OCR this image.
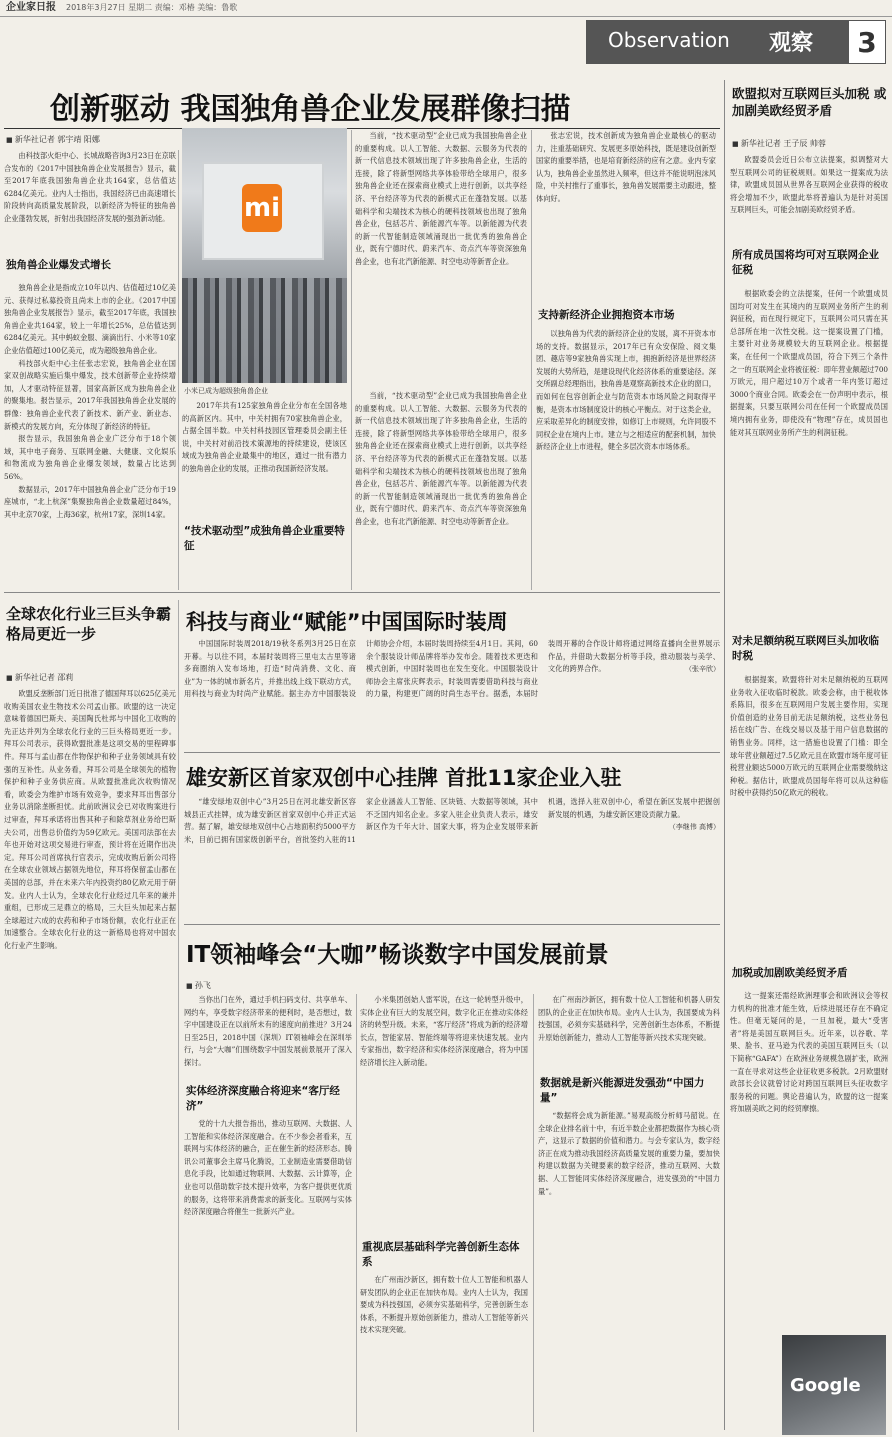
企业家日报 2018年3月27日 星期二 责编：邓椿 美编：鲁歌
Observation 观察	3
创新驱动 我国独角兽企业发展群像扫描
■ 新华社记者 郭宇靖 阳娜

由科技部火炬中心、长城战略咨询3月23日在京联合发布的《2017中国独角兽企业发展报告》显示，截至2017年底我国独角兽企业共164家，总估值达6284亿美元。业内人士指出，我国经济已由高速增长阶段转向高质量发展阶段，以新经济为特征的独角兽企业蓬勃发展，折射出我国经济发展的强劲新动能。

独角兽企业爆发式增长

独角兽企业是指成立10年以内、估值超过10亿美元、获得过私募投资且尚未上市的企业。《2017中国独角兽企业发展报告》显示，截至2017年底，我国独角兽企业共164家，较上一年增长25%，总估值达到6284亿美元。其中蚂蚁金服、滴滴出行、小米等10家企业估值超过100亿美元，成为超级独角兽企业。

科技部火炬中心主任张志宏说，独角兽企业在国家双创战略实施后集中爆发，技术创新带企业持续增加，人才驱动特征显著，国家高新区成为独角兽企业的聚集地。报告显示，2017年我国独角兽企业发展的群像：独角兽企业代表了新技术、新产业、新业态、新模式的发展方向，充分体现了新经济的特征。

报告显示，我国独角兽企业广泛分布于18个领域，其中电子商务、互联网金融、大健康、文化娱乐和物流成为独角兽企业爆发领域，数量占比达到56%。

数据显示，2017年中国独角兽企业广泛分布于19座城市，“北上杭深”集聚独角兽企业数量超过84%，其中北京70家，上海36家，杭州17家，深圳14家。

mi
小米已成为超级独角兽企业

2017年共有125家独角兽企业分布在全国各地的高新区内。其中，中关村拥有70家独角兽企业，占据全国半数。中关村科技园区管理委员会副主任说，中关村对前沿技术策源地的持续建设，使该区域成为独角兽企业最集中的地区，通过一批有潜力的独角兽企业的发展，正推动我国新经济发展。

“技术驱动型”成独角兽企业重要特征

当前，“技术驱动型”企业已成为我国独角兽企业的重要构成。以人工智能、大数据、云服务为代表的新一代信息技术领域出现了许多独角兽企业，生活的连接，除了将新型网络共享体验带给全球用户，很多独角兽企业还在探索商业模式上进行创新，以共享经济、平台经济等为代表的新模式正在蓬勃发展。以基础科学和尖端技术为核心的硬科技领域也出现了独角兽企业，包括芯片、新能源汽车等。以新能源为代表的新一代智能制造领域涌现出一批优秀的独角兽企业，既有宁德时代、蔚来汽车、奇点汽车等资深独角兽企业，也有北汽新能源、时空电动等新晋企业。

当前，“技术驱动型”企业已成为我国独角兽企业的重要构成。以人工智能、大数据、云服务为代表的新一代信息技术领域出现了许多独角兽企业，生活的连接，除了将新型网络共享体验带给全球用户，很多独角兽企业还在探索商业模式上进行创新，以共享经济、平台经济等为代表的新模式正在蓬勃发展。以基础科学和尖端技术为核心的硬科技领域也出现了独角兽企业，包括芯片、新能源汽车等。以新能源为代表的新一代智能制造领域涌现出一批优秀的独角兽企业，既有宁德时代、蔚来汽车、奇点汽车等资深独角兽企业，也有北汽新能源、时空电动等新晋企业。

张志宏说，技术创新成为独角兽企业最核心的驱动力，注重基础研究、发展更多原始科技，既是建设创新型国家的重要举措，也是培育新经济的应有之意。业内专家认为，独角兽企业虽然进入频率，但这并不能说明泡沫风险，中关村推行了重事长，独角兽发展需要主动跟进，整体向好。

支持新经济企业拥抱资本市场

以独角兽为代表的新经济企业的发展，离不开资本市场的支持。数据显示，2017年已有众安保险、阅文集团、趣店等9家独角兽实现上市，拥抱新经济是世界经济发展的大势所趋，是建设现代化经济体系的重要途径。深交所副总经理指出，独角兽是观察高新技术企业的窗口，而如何在包容创新企业与防范资本市场风险之间取得平衡，是资本市场制度设计的核心平衡点。对于这类企业，应采取差异化的制度安排，如修订上市规则，允许同股不同权企业在境内上市。建立与之相适应的配套机制，加快新经济企业上市进程，健全多层次资本市场体系。

全球农化行业三巨头争霸格局更近一步
■ 新华社记者 邵莉

欧盟反垄断部门近日批准了德国拜耳以625亿美元收购美国农业生物技术公司孟山都。欧盟的这一决定意味着德国巴斯夫、美国陶氏杜邦与中国化工收购的先正达并列为全球农化行业的三巨头格局更近一步。拜耳公司表示，获得欧盟批准是这项交易的里程碑事件。拜耳与孟山都在作物保护和种子业务领域具有较强的互补性。从业务看，拜耳公司是全球领先的植物保护和种子业务供应商。从欧盟批准此次收购情况看，欧委会为维护市场有效竞争，要求拜耳出售部分业务以消除垄断担忧。此前欧洲议会已对收购案进行过审查，拜耳承诺将出售其种子和除草剂业务给巴斯夫公司，出售总价值约为59亿欧元。美国司法部在去年也开始对这项交易进行审查，预计将在近期作出决定。拜耳公司首席执行官表示，完成收购后新公司将在全球农业领域占据领先地位，拜耳将保留孟山都在美国的总部，并在未来六年内投资约80亿欧元用于研发。业内人士认为，全球农化行业经过几年来的兼并重组，已形成三足鼎立的格局，三大巨头加起来占据全球超过六成的农药和种子市场份额，农化行业正在加速整合。全球农化行业的这一新格局也将对中国农化行业产生影响。

科技与商业“赋能”中国国际时装周

中国国际时装周2018/19秋冬系列3月25日在京开幕。与以往不同，本届时装周将三里屯太古里等诸多商圈纳入发布场地，打造“时尚消费、文化、商业”为一体的城市新名片，并推出线上线下联动方式，用科技与商业为时尚产业赋能。据主办方中国服装设计师协会介绍，本届时装周持续至4月1日。其间，60余个服装设计师品牌将举办发布会。随着技术更迭和模式创新，中国时装周也在发生变化。中国服装设计师协会主席张庆辉表示，时装周需要借助科技与商业的力量，构建更广阔的时尚生态平台。据悉，本届时装周开幕的合作设计师将通过网络直播向全世界展示作品，并借助大数据分析等手段，推动服装与美学、文化的跨界合作。	（张辛欣）

雄安新区首家双创中心挂牌 首批11家企业入驻

“雄安绿地双创中心”3月25日在河北雄安新区容城县正式挂牌，成为雄安新区首家双创中心并正式运营。据了解，雄安绿地双创中心占地面积约5000平方米，目前已拥有国家级创新平台，首批签约入驻的11家企业涵盖人工智能、区块链、大数据等领域，其中不乏国内知名企业。多家入驻企业负责人表示，雄安新区作为千年大计、国家大事，将为企业发展带来新机遇，选择入驻双创中心，希望在新区发展中把握创新发展的机遇，为雄安新区建设贡献力量。
（李继伟 高博）

IT领袖峰会“大咖”畅谈数字中国发展前景
■ 孙飞

当你出门在外，通过手机扫码支付、共享单车、网约车，享受数字经济带来的便利时，是否想过，数字中国建设正在以前所未有的速度向前推进？3月24日至25日，2018中国（深圳）IT领袖峰会在深圳举行，与会“大咖”们围绕数字中国发展前景展开了深入探讨。

实体经济深度融合将迎来“客厅经济”

党的十九大报告指出，推动互联网、大数据、人工智能和实体经济深度融合。在不少参会者看来，互联网与实体经济的融合，正在催生新的经济形态。腾讯公司董事会主席马化腾说，工业制造业需要借助信息化手段，比如通过物联网、大数据、云计算等，企业也可以借助数字技术提升效率，为客户提供更优质的服务，这将带来消费需求的新变化。互联网与实体经济深度融合将催生一批新兴产业。

小米集团创始人雷军说，在这一轮转型升级中，实体企业有巨大的发展空间，数字化正在推动实体经济的转型升级。未来，“客厅经济”将成为新的经济增长点，智能家居、智能终端等将迎来快速发展。业内专家指出，数字经济和实体经济深度融合，将为中国经济增长注入新动能。

重视底层基础科学完善创新生态体系

在广州南沙新区，拥有数十位人工智能和机器人研发团队的企业正在加快布局。业内人士认为，我国要成为科技强国，必须夯实基础科学，完善创新生态体系，不断提升原始创新能力，推动人工智能等新兴技术实现突破。

在广州南沙新区，拥有数十位人工智能和机器人研发团队的企业正在加快布局。业内人士认为，我国要成为科技强国，必须夯实基础科学，完善创新生态体系，不断提升原始创新能力，推动人工智能等新兴技术实现突破。

数据就是新兴能源进发强劲“中国力量”

“数据将会成为新能源。”易观高级分析师马韶说。在全球企业排名前十中，有近半数企业都把数据作为核心资产，这显示了数据的价值和潜力。与会专家认为，数字经济正在成为推动我国经济高质量发展的重要力量，要加快构建以数据为关键要素的数字经济，推动互联网、大数据、人工智能同实体经济深度融合，进发强劲的“中国力量”。

欧盟拟对互联网巨头加税 或加剧美欧经贸矛盾
■ 新华社记者 王子辰 帅蓉

欧盟委员会近日公布立法提案，拟调整对大型互联网公司的征税规则。如果这一提案成为法律，欧盟成员国从世界各互联网企业获得的税收将会增加不少，欧盟此举将普遍认为是针对美国互联网巨头，可能会加剧美欧经贸矛盾。

所有成员国将均可对互联网企业征税

根据欧委会的立法提案，任何一个欧盟成员国均可对发生在其境内的互联网业务所产生的利润征税，而在现行规定下，互联网公司只需在其总部所在地一次性交税。这一提案设置了门槛，主要针对业务规模较大的互联网企业。根据提案，在任何一个欧盟成员国，符合下列三个条件之一的互联网企业将被征税：即年营业额超过700万欧元，用户超过10万个或者一年内签订超过3000个商业合同。欧委会在一份声明中表示，根据提案，只要互联网公司在任何一个欧盟成员国境内拥有业务，即使没有“物理”存在，成员国也能对其互联网业务所产生的利润征税。

对未足额纳税互联网巨头加收临时税

根据提案，欧盟将针对未足额纳税的互联网业务收入征收临时税款。欧委会称，由于税收体系陈旧，很多在互联网用户发展主要作用，实现价值创造的业务目前无法足额纳税，这些业务包括在线广告、在线交易以及基于用户信息数据的销售业务。同样，这一措施也设置了门槛：即全球年营业额超过7.5亿欧元且在欧盟市场年度可征税营业额达5000万欧元的互联网企业需要缴纳这种税。据估计，欧盟成员国每年将可以从这种临时税中获得约50亿欧元的税收。

加税或加剧欧美经贸矛盾

这一提案还需经欧洲理事会和欧洲议会等权力机构的批准才能生效，后续进展还存在不确定性。但毫无疑问的是，一旦加税，最大“受害者”将是美国互联网巨头。近年来，以谷歌、苹果、脸书、亚马逊为代表的美国互联网巨头（以下简称“GAFA”）在欧洲业务规模急剧扩张，欧洲一直在寻求对这些企业征收更多税款。2月欧盟财政部长会议就曾讨论对跨国互联网巨头征收数字服务税的问题。舆论普遍认为，欧盟的这一提案将加剧美欧之间的经贸摩擦。

Google
